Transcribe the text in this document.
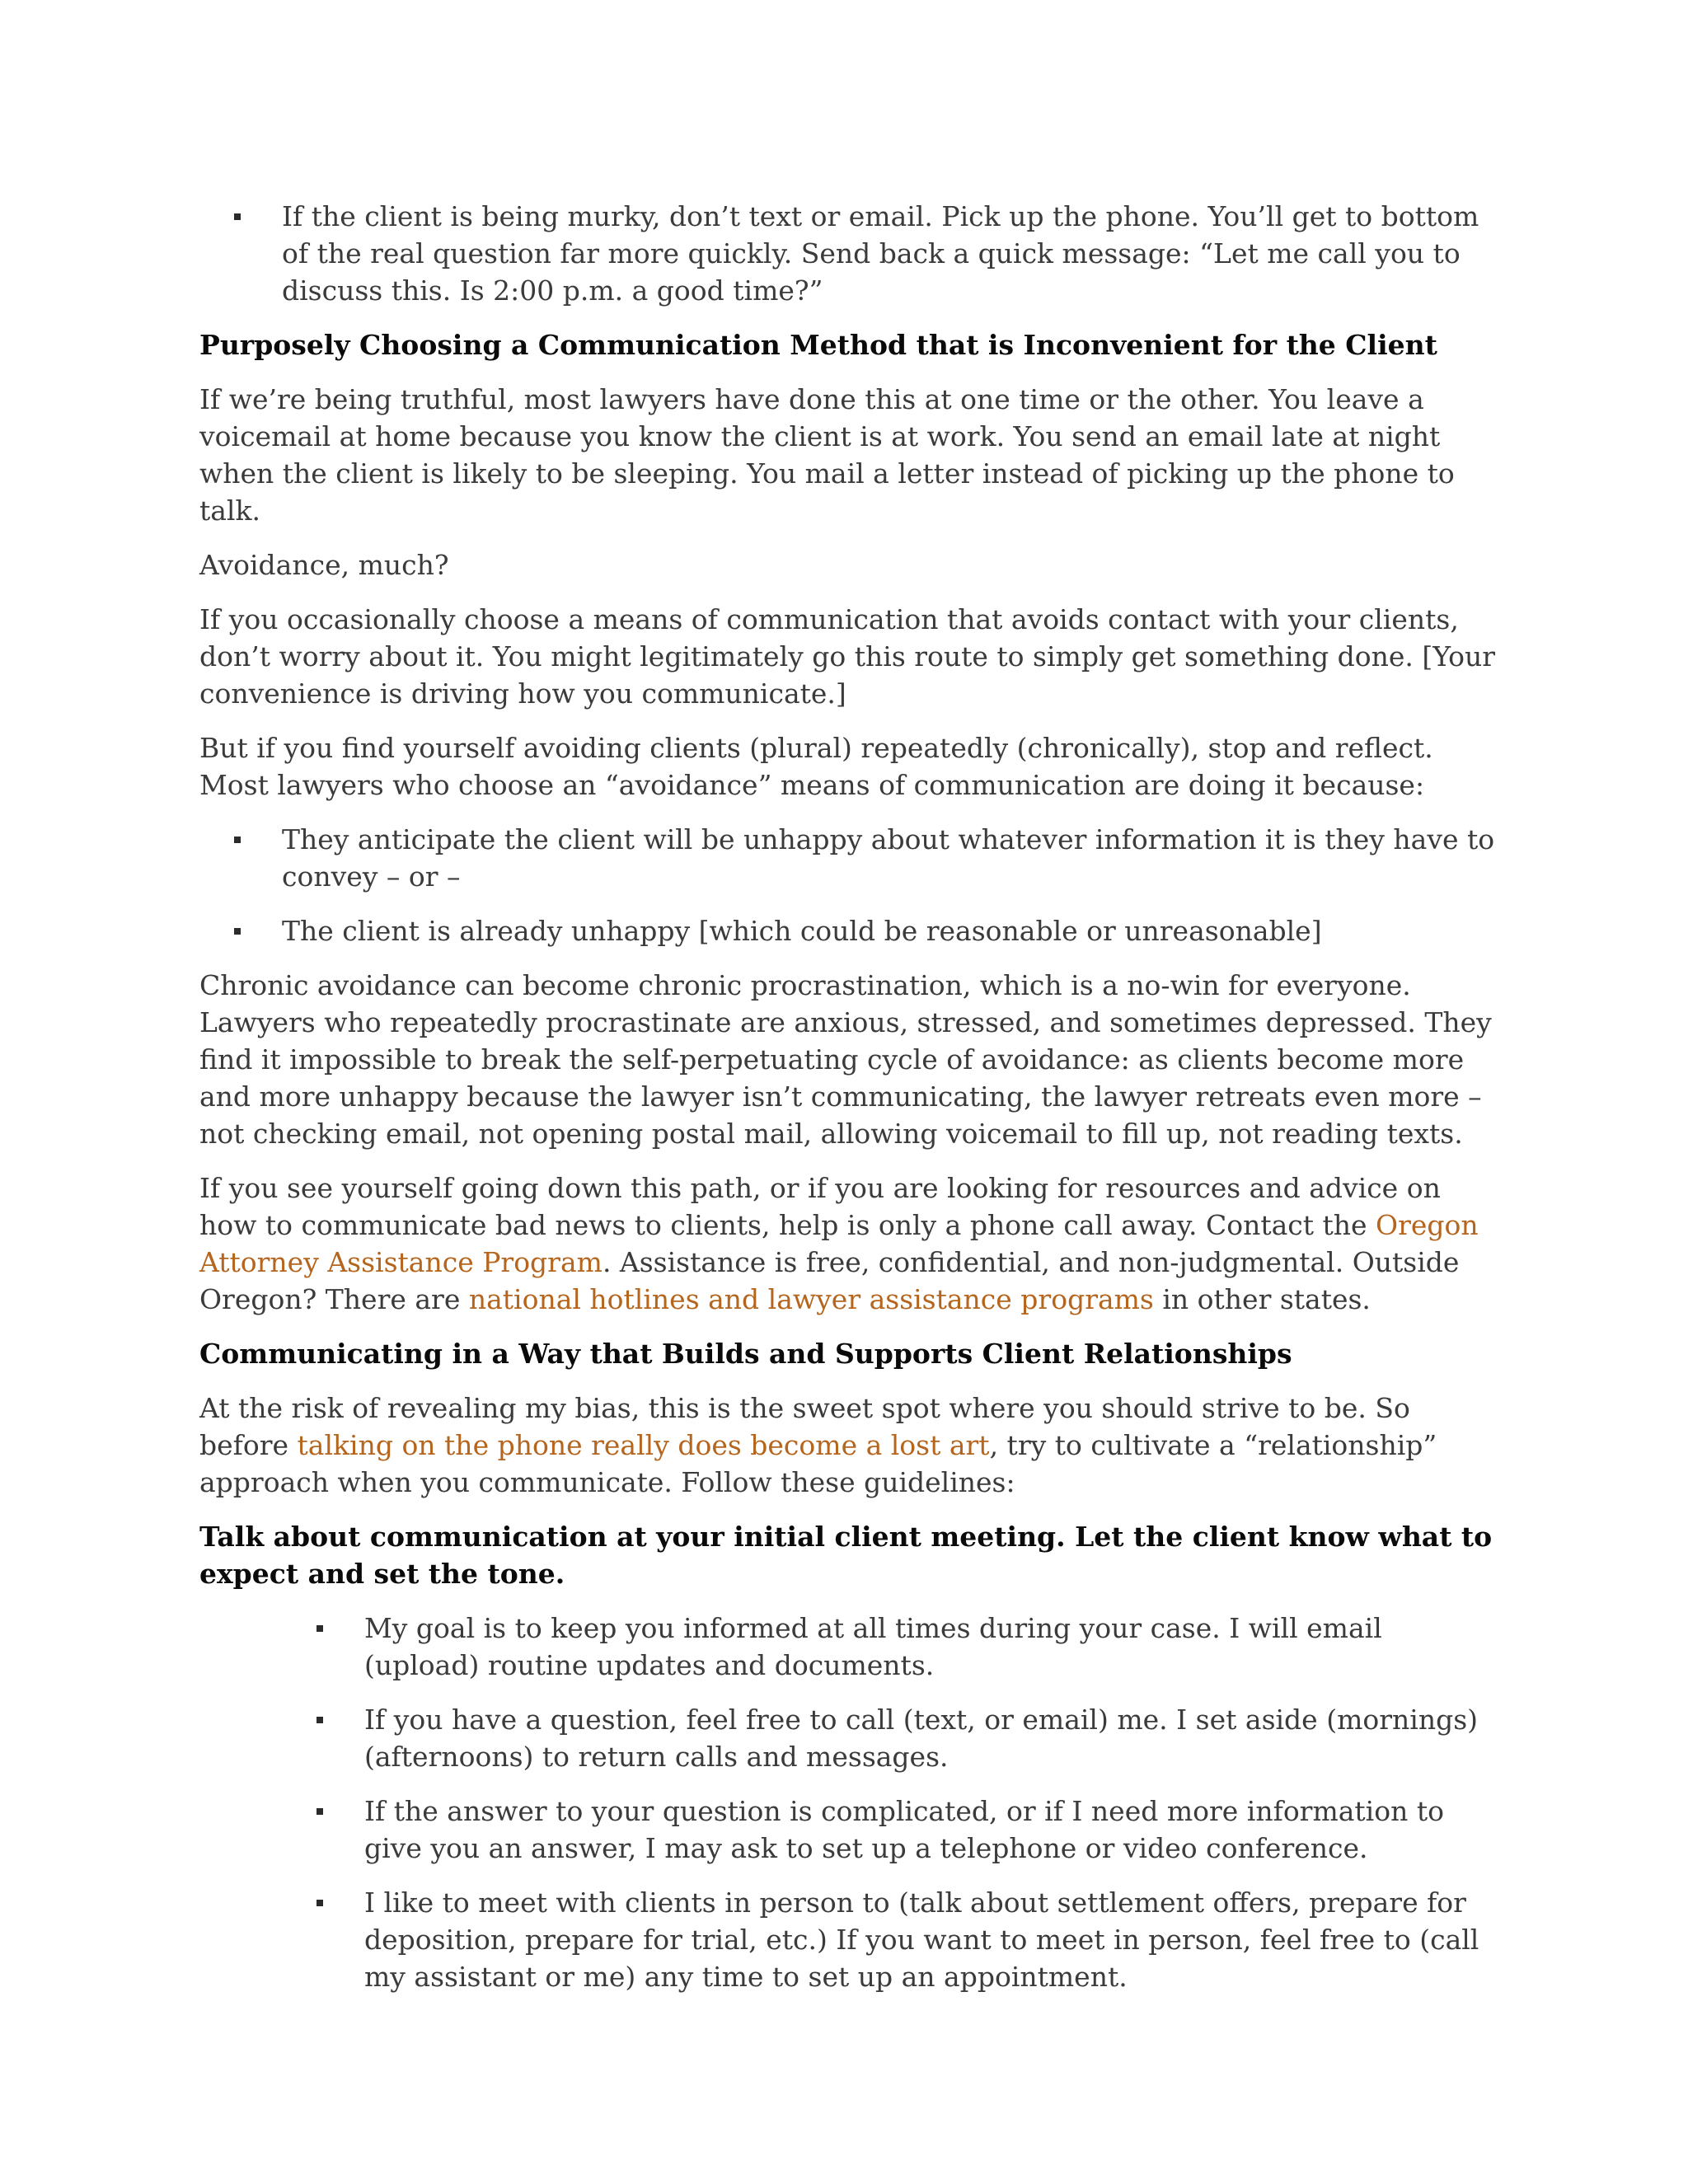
If the client is being murky, don’t text or email. Pick up the phone. You’ll get to bottom of the real question far more quickly. Send back a quick message: “Let me call you to discuss this. Is 2:00 p.m. a good time?”
Purposely Choosing a Communication Method that is Inconvenient for the Client

If we’re being truthful, most lawyers have done this at one time or the other. You leave a voicemail at home because you know the client is at work. You send an email late at night when the client is likely to be sleeping. You mail a letter instead of picking up the phone to talk.

Avoidance, much?

If you occasionally choose a means of communication that avoids contact with your clients, don’t worry about it. You might legitimately go this route to simply get something done. [Your convenience is driving how you communicate.]

But if you find yourself avoiding clients (plural) repeatedly (chronically), stop and reflect. Most lawyers who choose an “avoidance” means of communication are doing it because:

They anticipate the client will be unhappy about whatever information it is they have to convey – or –
The client is already unhappy [which could be reasonable or unreasonable]

Chronic avoidance can become chronic procrastination, which is a no-win for everyone. Lawyers who repeatedly procrastinate are anxious, stressed, and sometimes depressed. They find it impossible to break the self-perpetuating cycle of avoidance: as clients become more and more unhappy because the lawyer isn’t communicating, the lawyer retreats even more – not checking email, not opening postal mail, allowing voicemail to fill up, not reading texts.

If you see yourself going down this path, or if you are looking for resources and advice on how to communicate bad news to clients, help is only a phone call away. Contact the Oregon Attorney Assistance Program. Assistance is free, confidential, and non-judgmental. Outside Oregon? There are national hotlines and lawyer assistance programs in other states.

Communicating in a Way that Builds and Supports Client Relationships

At the risk of revealing my bias, this is the sweet spot where you should strive to be. So before talking on the phone really does become a lost art, try to cultivate a “relationship” approach when you communicate. Follow these guidelines:

Talk about communication at your initial client meeting. Let the client know what to expect and set the tone.
My goal is to keep you informed at all times during your case. I will email (upload) routine updates and documents.
If you have a question, feel free to call (text, or email) me. I set aside (mornings) (afternoons) to return calls and messages.
If the answer to your question is complicated, or if I need more information to give you an answer, I may ask to set up a telephone or video conference.
I like to meet with clients in person to (talk about settlement offers, prepare for deposition, prepare for trial, etc.) If you want to meet in person, feel free to (call my assistant or me) any time to set up an appointment.
